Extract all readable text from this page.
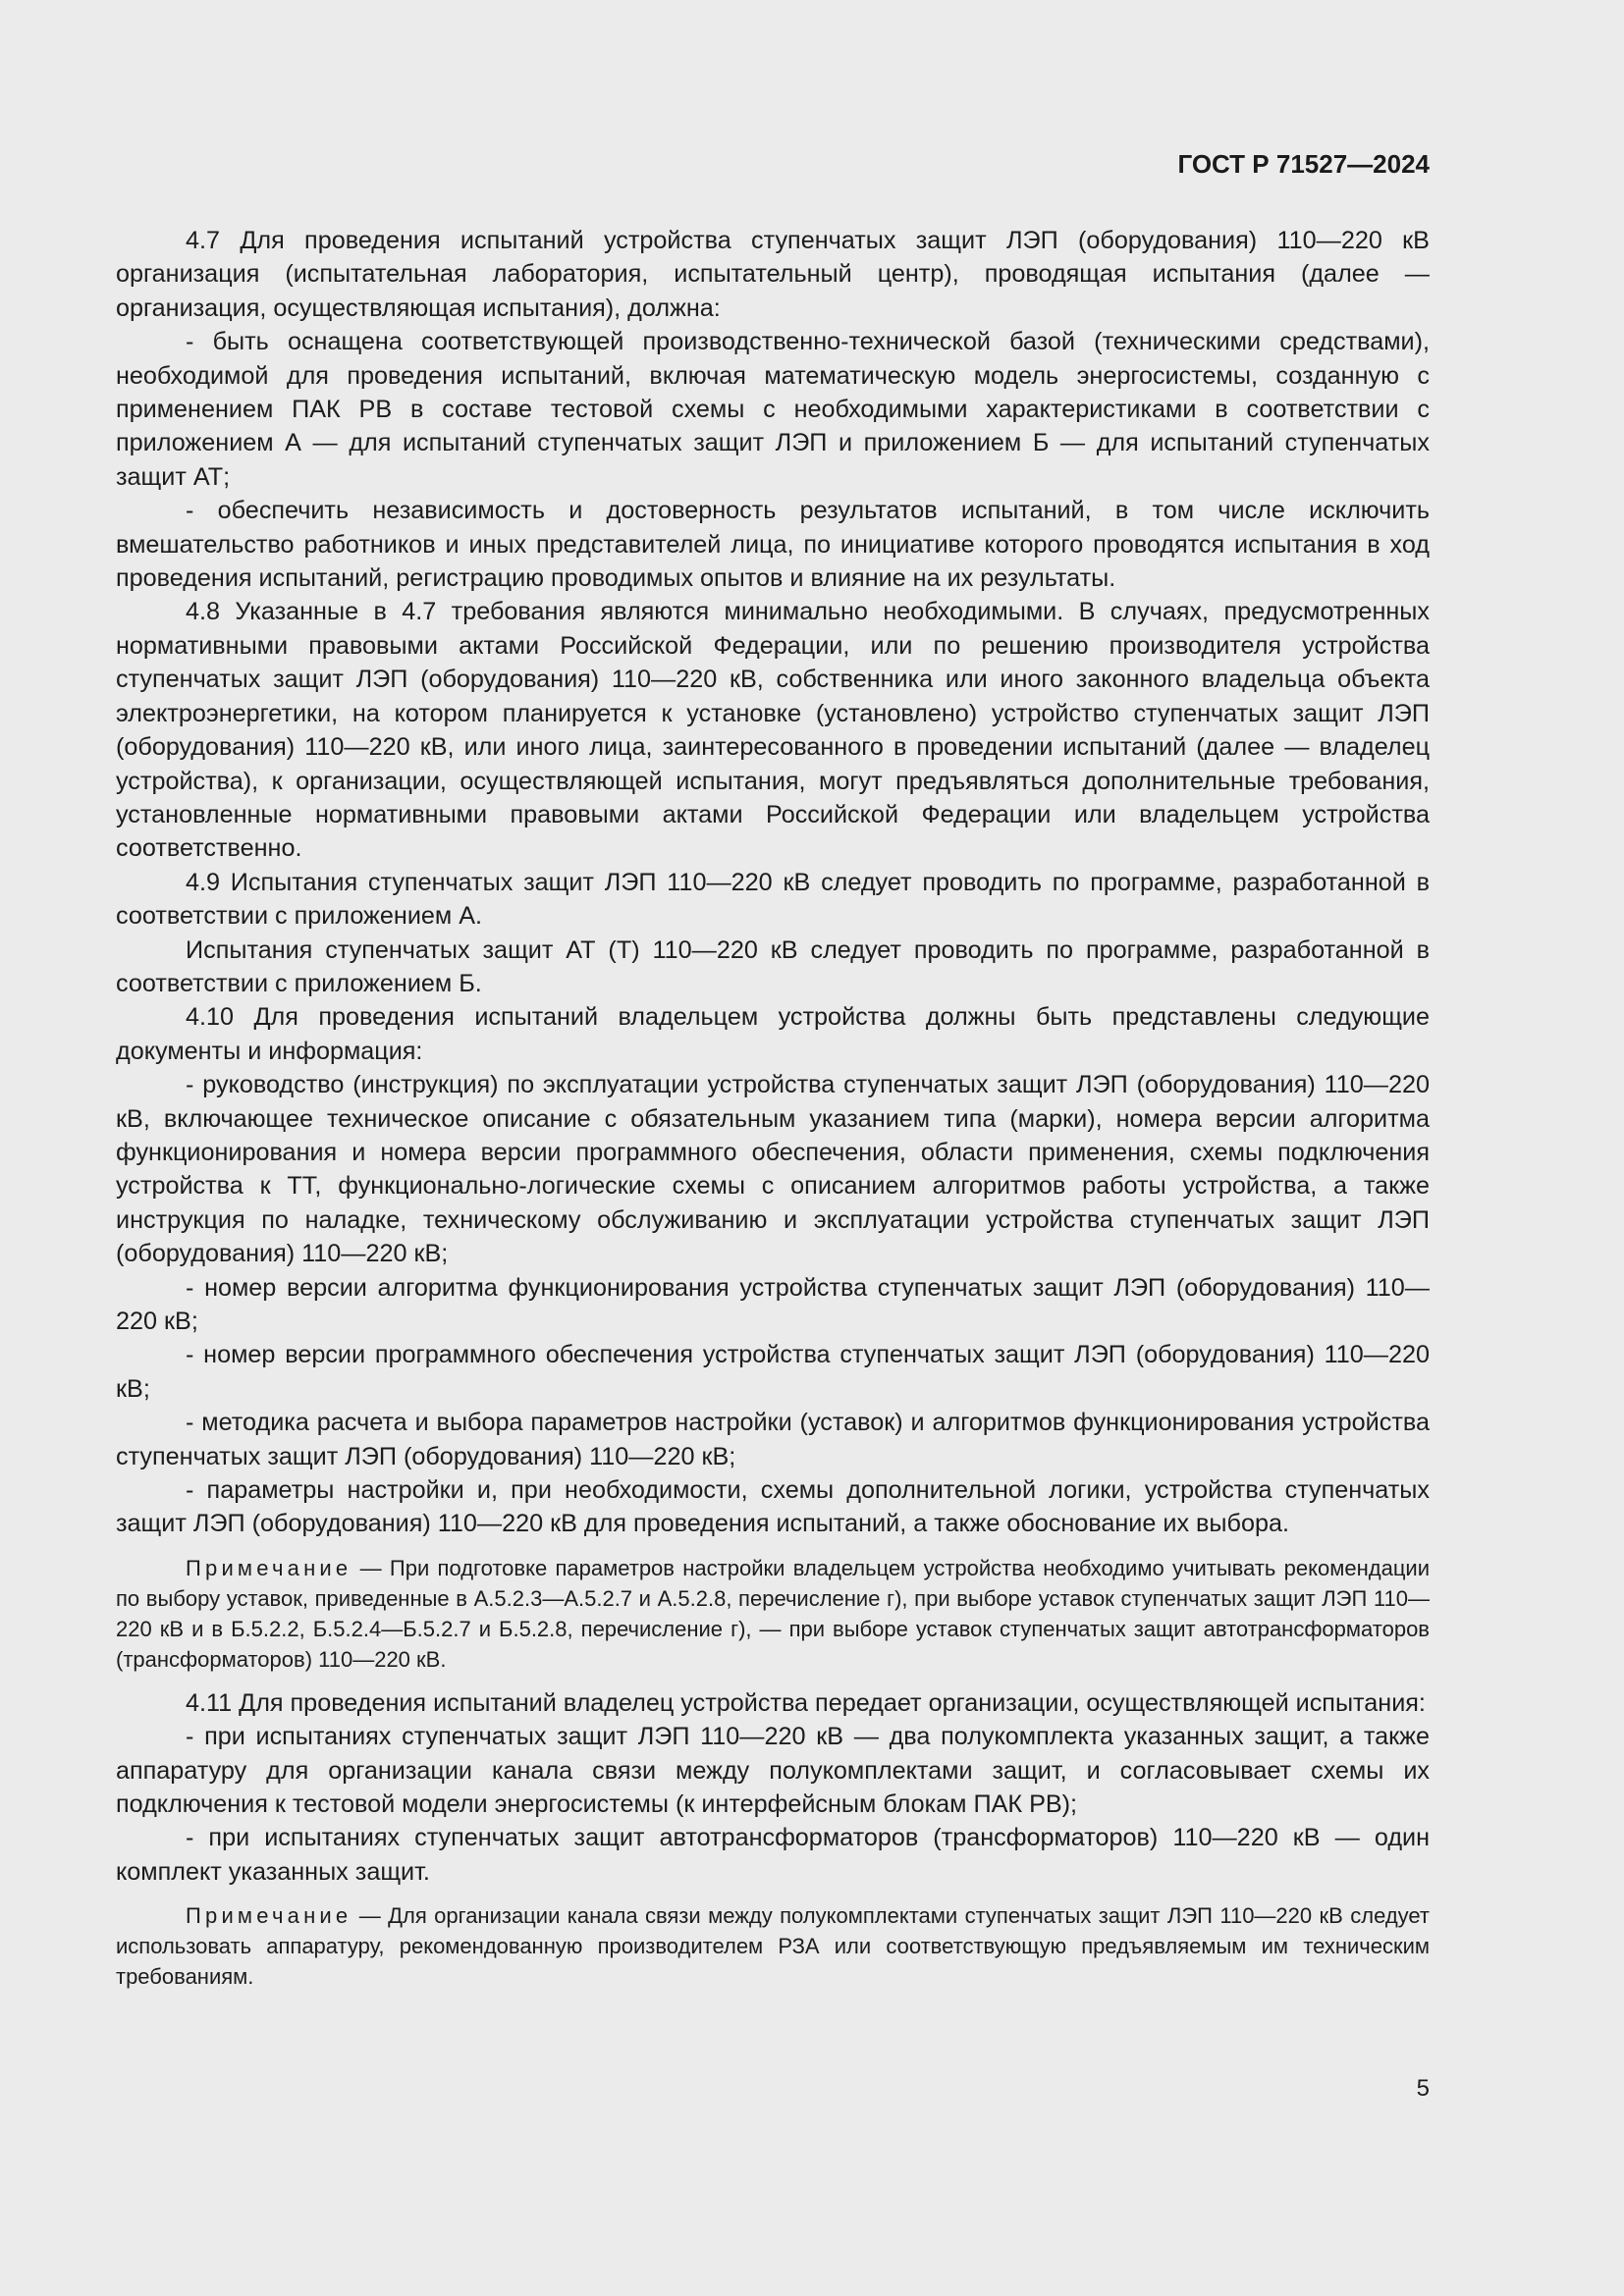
ГОСТ Р 71527—2024

4.7 Для проведения испытаний устройства ступенчатых защит ЛЭП (оборудования) 110—220 кВ организация (испытательная лаборатория, испытательный центр), проводящая испытания (далее — организация, осуществляющая испытания), должна:

- быть оснащена соответствующей производственно-технической базой (техническими средствами), необходимой для проведения испытаний, включая математическую модель энергосистемы, созданную с применением ПАК РВ в составе тестовой схемы с необходимыми характеристиками в соответствии с приложением А — для испытаний ступенчатых защит ЛЭП и приложением Б — для испытаний ступенчатых защит АТ;

- обеспечить независимость и достоверность результатов испытаний, в том числе исключить вмешательство работников и иных представителей лица, по инициативе которого проводятся испытания в ход проведения испытаний, регистрацию проводимых опытов и влияние на их результаты.

4.8 Указанные в 4.7 требования являются минимально необходимыми. В случаях, предусмотренных нормативными правовыми актами Российской Федерации, или по решению производителя устройства ступенчатых защит ЛЭП (оборудования) 110—220 кВ, собственника или иного законного владельца объекта электроэнергетики, на котором планируется к установке (установлено) устройство ступенчатых защит ЛЭП (оборудования) 110—220 кВ, или иного лица, заинтересованного в проведении испытаний (далее — владелец устройства), к организации, осуществляющей испытания, могут предъявляться дополнительные требования, установленные нормативными правовыми актами Российской Федерации или владельцем устройства соответственно.

4.9 Испытания ступенчатых защит ЛЭП 110—220 кВ следует проводить по программе, разработанной в соответствии с приложением А.

Испытания ступенчатых защит АТ (Т) 110—220 кВ следует проводить по программе, разработанной в соответствии с приложением Б.

4.10 Для проведения испытаний владельцем устройства должны быть представлены следующие документы и информация:

- руководство (инструкция) по эксплуатации устройства ступенчатых защит ЛЭП (оборудования) 110—220 кВ, включающее техническое описание с обязательным указанием типа (марки), номера версии алгоритма функционирования и номера версии программного обеспечения, области применения, схемы подключения устройства к ТТ, функционально-логические схемы с описанием алгоритмов работы устройства, а также инструкция по наладке, техническому обслуживанию и эксплуатации устройства ступенчатых защит ЛЭП (оборудования) 110—220 кВ;

- номер версии алгоритма функционирования устройства ступенчатых защит ЛЭП (оборудования) 110—220 кВ;

- номер версии программного обеспечения устройства ступенчатых защит ЛЭП (оборудования) 110—220 кВ;

- методика расчета и выбора параметров настройки (уставок) и алгоритмов функционирования устройства ступенчатых защит ЛЭП (оборудования) 110—220 кВ;

- параметры настройки и, при необходимости, схемы дополнительной логики, устройства ступенчатых защит ЛЭП (оборудования) 110—220 кВ для проведения испытаний, а также обоснование их выбора.

Примечание — При подготовке параметров настройки владельцем устройства необходимо учитывать рекомендации по выбору уставок, приведенные в А.5.2.3—А.5.2.7 и А.5.2.8, перечисление г), при выборе уставок ступенчатых защит ЛЭП 110—220 кВ и в Б.5.2.2, Б.5.2.4—Б.5.2.7 и Б.5.2.8, перечисление г), — при выборе уставок ступенчатых защит автотрансформаторов (трансформаторов) 110—220 кВ.

4.11 Для проведения испытаний владелец устройства передает организации, осуществляющей испытания:

- при испытаниях ступенчатых защит ЛЭП 110—220 кВ — два полукомплекта указанных защит, а также аппаратуру для организации канала связи между полукомплектами защит, и согласовывает схемы их подключения к тестовой модели энергосистемы (к интерфейсным блокам ПАК РВ);

- при испытаниях ступенчатых защит автотрансформаторов (трансформаторов) 110—220 кВ — один комплект указанных защит.

Примечание — Для организации канала связи между полукомплектами ступенчатых защит ЛЭП 110—220 кВ следует использовать аппаратуру, рекомендованную производителем РЗА или соответствующую предъявляемым им техническим требованиям.

5
